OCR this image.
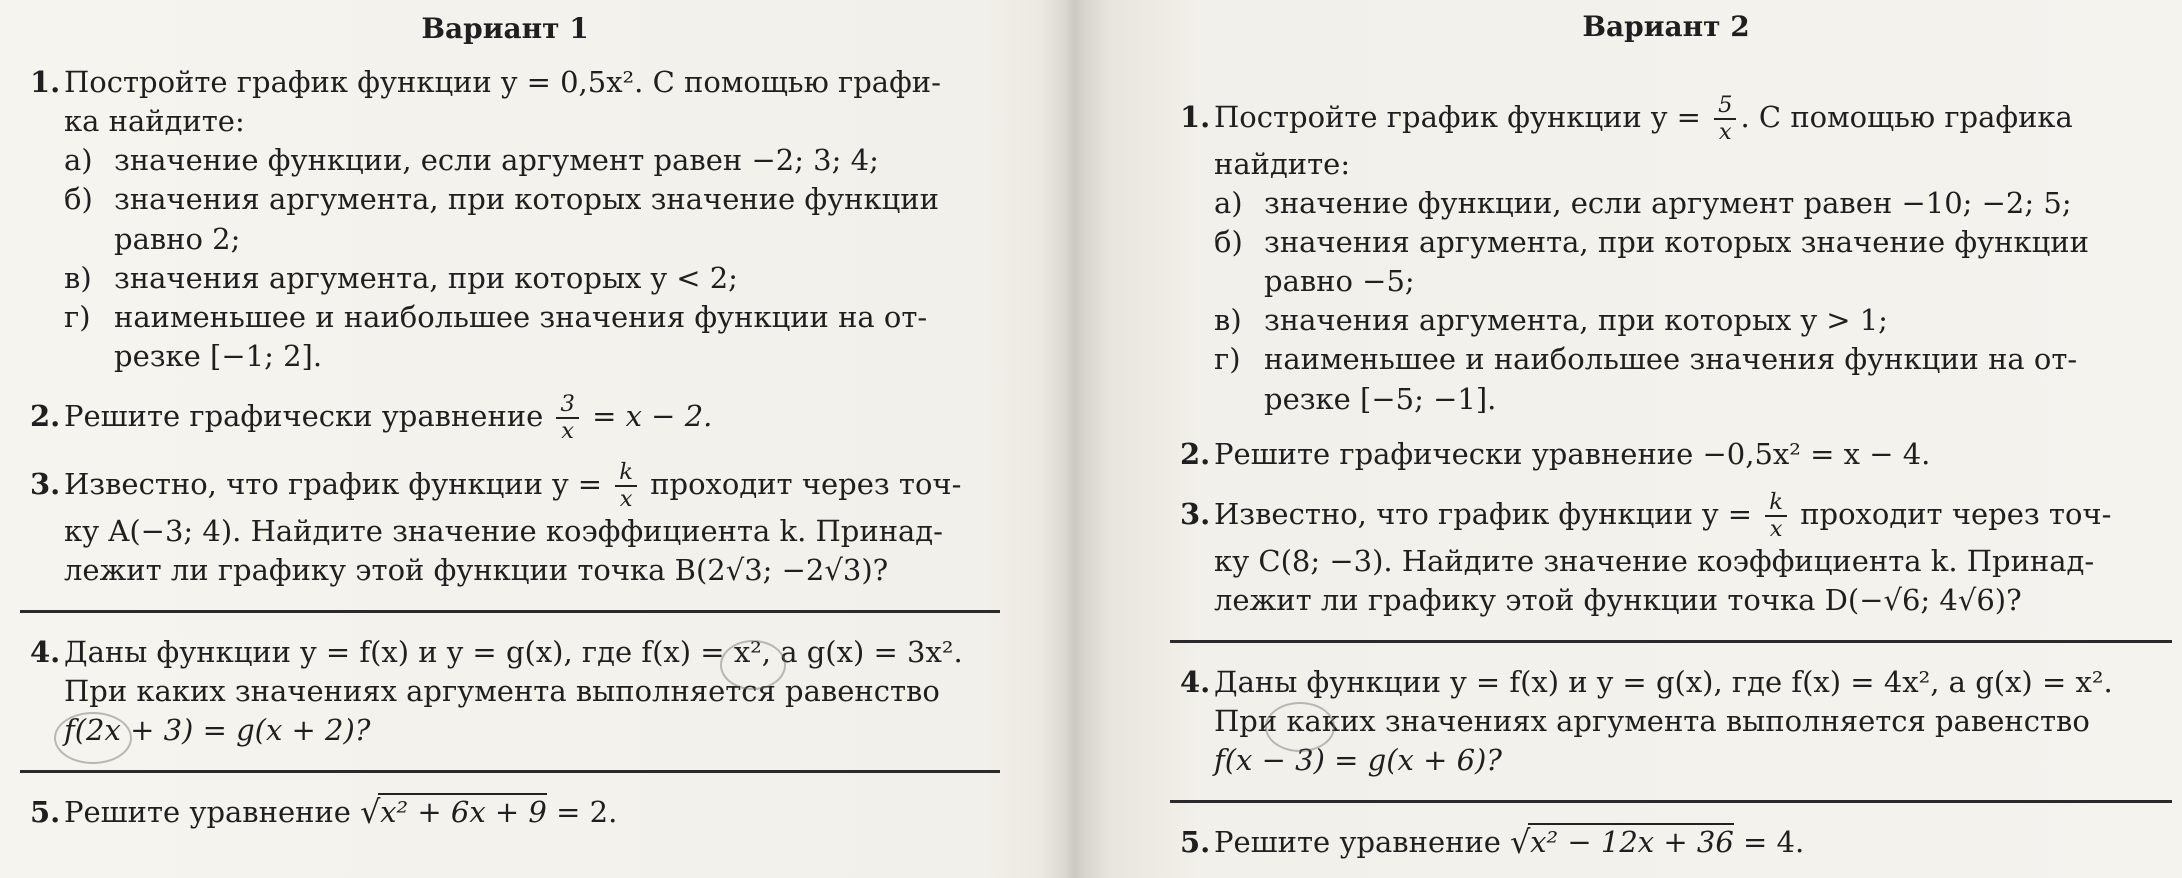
Вариант 1
1. Постройте график функции y = 0,5x². С помощью графи-
ка найдите:
а) значение функции, если аргумент равен −2; 3; 4;
б) значения аргумента, при которых значение функции равно 2;
в) значения аргумента, при которых y < 2;
г) наименьшее и наибольшее значения функции на от-резке [−1; 2].
2. Решите графически уравнение $\frac{3}{x} = x - 2$.
3. Известно, что график функции $y = \frac{k}{x}$ проходит через точ-
ку A(−3; 4). Найдите значение коэффициента k. Принад-
лежит ли графику этой функции точка B(2√3; −2√3)?
4. Даны функции y = f(x) и y = g(x), где f(x) = x², а g(x) = 3x².
При каких значениях аргумента выполняется равенство
f(2x + 3) = g(x + 2)?
5. Решите уравнение √ x² + 6x + 9 = 2.
Вариант 2
1. Постройте график функции $y = \frac{5}{x}$ . С помощью графика
найдите:
а) значение функции, если аргумент равен −10; −2; 5;
б) значения аргумента, при которых значение функции равно −5;
в) значения аргумента, при которых y > 1;
г) наименьшее и наибольшее значения функции на от-резке [−5; −1].
2. Решите графически уравнение −0,5x² = x − 4.
3. Известно, что график функции $y = \frac{k}{x}$ проходит через точ-
ку C(8; −3). Найдите значение коэффициента k. Принад-
лежит ли графику этой функции точка D(−√6; 4√6)?
4. Даны функции y = f(x) и y = g(x), где f(x) = 4x², а g(x) = x².
При каких значениях аргумента выполняется равенство
f(x − 3) = g(x + 6)?
5. Решите уравнение √ x² − 12x + 36 = 4.
